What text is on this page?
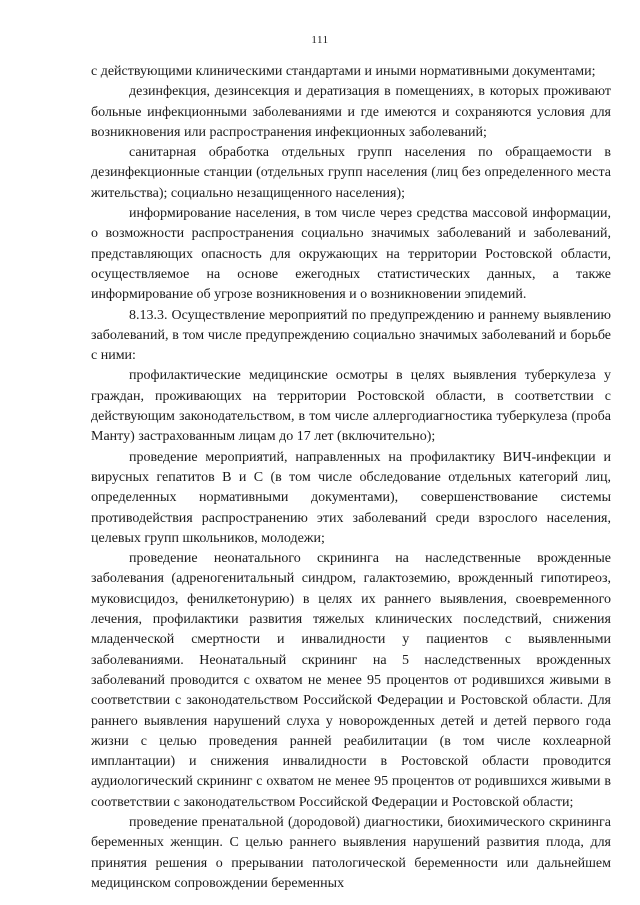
111

с действующими клиническими стандартами и иными нормативными документами;

дезинфекция, дезинсекция и дератизация в помещениях, в которых проживают больные инфекционными заболеваниями и где имеются и сохраняются условия для возникновения или распространения инфекционных заболеваний;

санитарная обработка отдельных групп населения по обращаемости в дезинфекционные станции (отдельных групп населения (лиц без определенного места жительства); социально незащищенного населения);

информирование населения, в том числе через средства массовой информации, о возможности распространения социально значимых заболеваний и заболеваний, представляющих опасность для окружающих на территории Ростовской области, осуществляемое на основе ежегодных статистических данных, а также информирование об угрозе возникновения и о возникновении эпидемий.

8.13.3. Осуществление мероприятий по предупреждению и раннему выявлению заболеваний, в том числе предупреждению социально значимых заболеваний и борьбе с ними:

профилактические медицинские осмотры в целях выявления туберкулеза у граждан, проживающих на территории Ростовской области, в соответствии с действующим законодательством, в том числе аллергодиагностика туберкулеза (проба Манту) застрахованным лицам до 17 лет (включительно);

проведение мероприятий, направленных на профилактику ВИЧ-инфекции и вирусных гепатитов В и С (в том числе обследование отдельных категорий лиц, определенных нормативными документами), совершенствование системы противодействия распространению этих заболеваний среди взрослого населения, целевых групп школьников, молодежи;

проведение неонатального скрининга на наследственные врожденные заболевания (адреногенитальный синдром, галактоземию, врожденный гипотиреоз, муковисцидоз, фенилкетонурию) в целях их раннего выявления, своевременного лечения, профилактики развития тяжелых клинических последствий, снижения младенческой смертности и инвалидности у пациентов с выявленными заболеваниями. Неонатальный скрининг на 5 наследственных врожденных заболеваний проводится с охватом не менее 95 процентов от родившихся живыми в соответствии с законодательством Российской Федерации и Ростовской области. Для раннего выявления нарушений слуха у новорожденных детей и детей первого года жизни с целью проведения ранней реабилитации (в том числе кохлеарной имплантации) и снижения инвалидности в Ростовской области проводится аудиологический скрининг с охватом не менее 95 процентов от родившихся живыми в соответствии с законодательством Российской Федерации и Ростовской области;

проведение пренатальной (дородовой) диагностики, биохимического скрининга беременных женщин. С целью раннего выявления нарушений развития плода, для принятия решения о прерывании патологической беременности или дальнейшем медицинском сопровождении беременных
